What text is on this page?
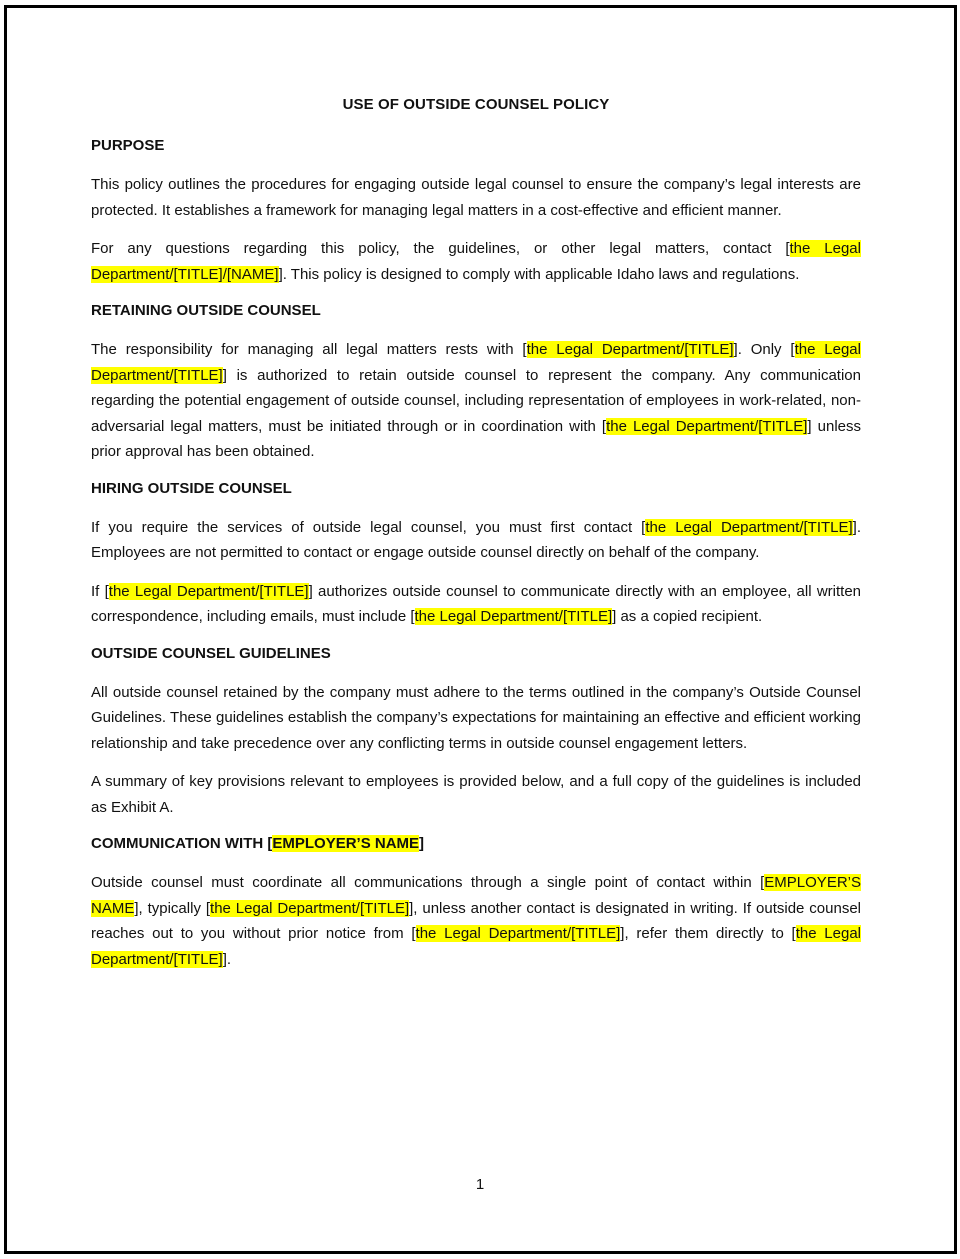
USE OF OUTSIDE COUNSEL POLICY
PURPOSE

This policy outlines the procedures for engaging outside legal counsel to ensure the company’s legal interests are protected. It establishes a framework for managing legal matters in a cost-effective and efficient manner.

For any questions regarding this policy, the guidelines, or other legal matters, contact [the Legal Department/[TITLE]/[NAME]]. This policy is designed to comply with applicable Idaho laws and regulations.

RETAINING OUTSIDE COUNSEL

The responsibility for managing all legal matters rests with [the Legal Department/[TITLE]]. Only [the Legal Department/[TITLE]] is authorized to retain outside counsel to represent the company. Any communication regarding the potential engagement of outside counsel, including representation of employees in work-related, non-adversarial legal matters, must be initiated through or in coordination with [the Legal Department/[TITLE]] unless prior approval has been obtained.

HIRING OUTSIDE COUNSEL

If you require the services of outside legal counsel, you must first contact [the Legal Department/[TITLE]]. Employees are not permitted to contact or engage outside counsel directly on behalf of the company.

If [the Legal Department/[TITLE]] authorizes outside counsel to communicate directly with an employee, all written correspondence, including emails, must include [the Legal Department/[TITLE]] as a copied recipient.

OUTSIDE COUNSEL GUIDELINES

All outside counsel retained by the company must adhere to the terms outlined in the company’s Outside Counsel Guidelines. These guidelines establish the company’s expectations for maintaining an effective and efficient working relationship and take precedence over any conflicting terms in outside counsel engagement letters.

A summary of key provisions relevant to employees is provided below, and a full copy of the guidelines is included as Exhibit A.

COMMUNICATION WITH [EMPLOYER’S NAME]

Outside counsel must coordinate all communications through a single point of contact within [EMPLOYER’S NAME], typically [the Legal Department/[TITLE]], unless another contact is designated in writing. If outside counsel reaches out to you without prior notice from [the Legal Department/[TITLE]], refer them directly to [the Legal Department/[TITLE]].

1
